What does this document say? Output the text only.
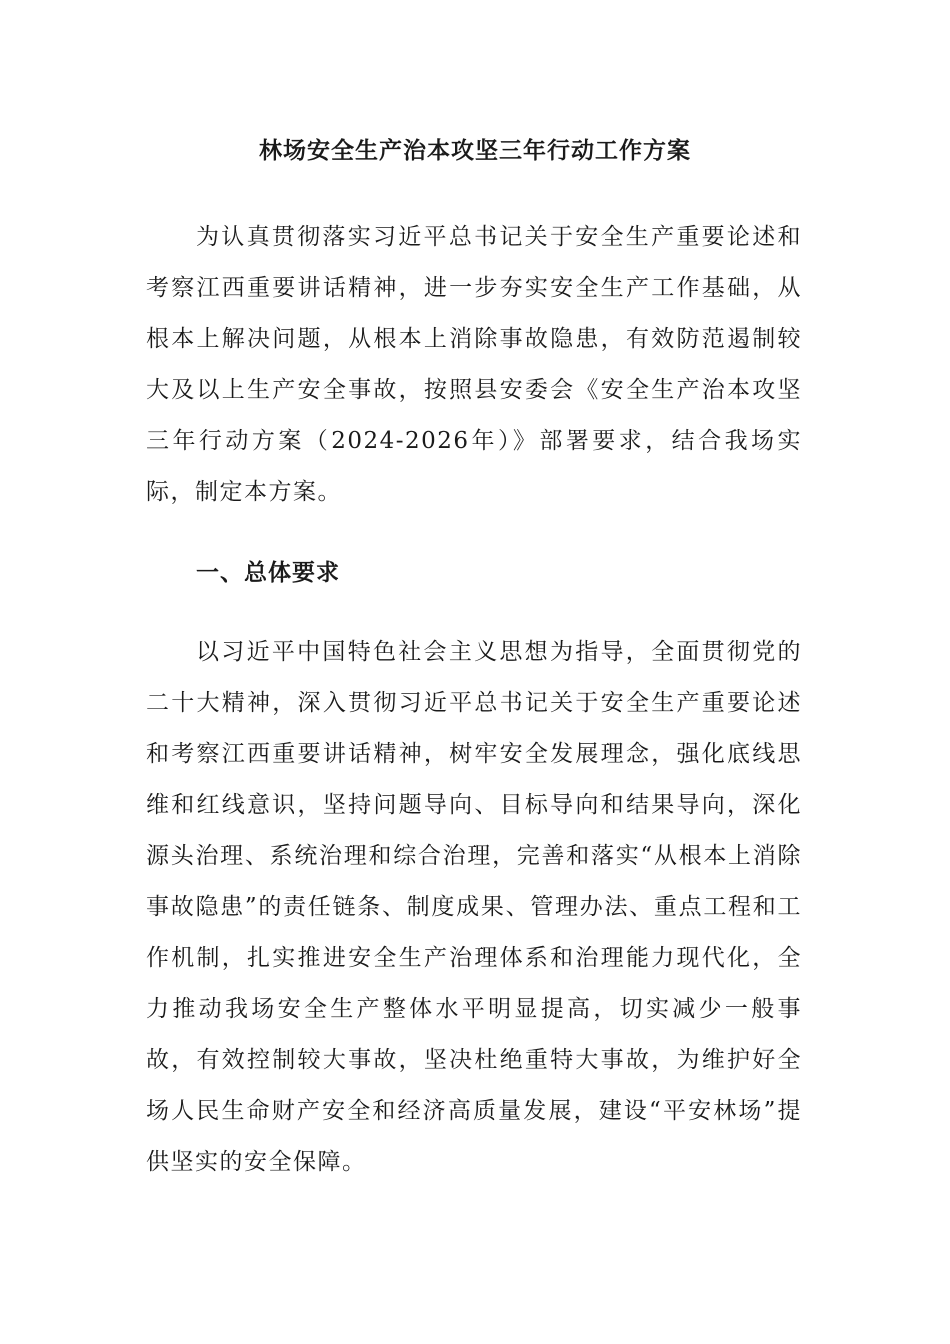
林场安全生产治本攻坚三年行动工作方案

为认真贯彻落实习近平总书记关于安全生产重要论述和考察江西重要讲话精神，进一步夯实安全生产工作基础，从根本上解决问题，从根本上消除事故隐患，有效防范遏制较大及以上生产安全事故，按照县安委会《安全生产治本攻坚三年行动方案（2024-2026年）》部署要求，结合我场实际，制定本方案。

一、总体要求

以习近平中国特色社会主义思想为指导，全面贯彻党的二十大精神，深入贯彻习近平总书记关于安全生产重要论述和考察江西重要讲话精神，树牢安全发展理念，强化底线思维和红线意识，坚持问题导向、目标导向和结果导向，深化源头治理、系统治理和综合治理，完善和落实“从根本上消除事故隐患”的责任链条、制度成果、管理办法、重点工程和工作机制，扎实推进安全生产治理体系和治理能力现代化，全力推动我场安全生产整体水平明显提高，切实减少一般事故，有效控制较大事故，坚决杜绝重特大事故，为维护好全场人民生命财产安全和经济高质量发展，建设“平安林场”提供坚实的安全保障。
